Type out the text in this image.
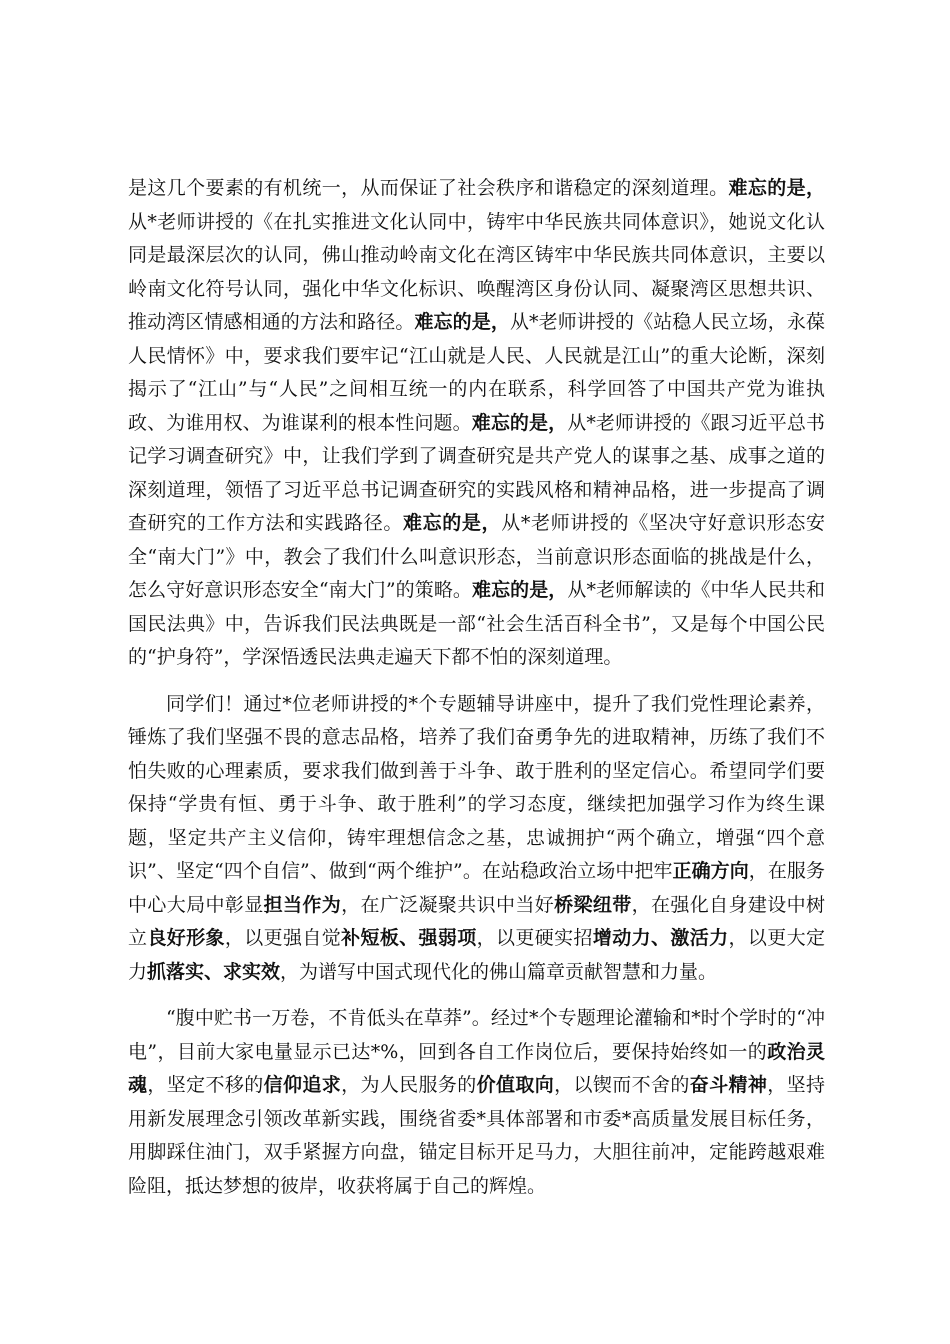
是这几个要素的有机统一，从而保证了社会秩序和谐稳定的深刻道理。难忘的是，从*老师讲授的《在扎实推进文化认同中，铸牢中华民族共同体意识》，她说文化认同是最深层次的认同，佛山推动岭南文化在湾区铸牢中华民族共同体意识，主要以岭南文化符号认同，强化中华文化标识、唤醒湾区身份认同、凝聚湾区思想共识、推动湾区情感相通的方法和路径。难忘的是，从*老师讲授的《站稳人民立场，永葆人民情怀》中，要求我们要牢记“江山就是人民、人民就是江山”的重大论断，深刻揭示了“江山”与“人民”之间相互统一的内在联系，科学回答了中国共产党为谁执政、为谁用权、为谁谋利的根本性问题。难忘的是，从*老师讲授的《跟习近平总书记学习调查研究》中，让我们学到了调查研究是共产党人的谋事之基、成事之道的深刻道理，领悟了习近平总书记调查研究的实践风格和精神品格，进一步提高了调查研究的工作方法和实践路径。难忘的是，从*老师讲授的《坚决守好意识形态安全“南大门”》中，教会了我们什么叫意识形态，当前意识形态面临的挑战是什么，怎么守好意识形态安全“南大门”的策略。难忘的是，从*老师解读的《中华人民共和国民法典》中，告诉我们民法典既是一部“社会生活百科全书”，又是每个中国公民的“护身符”，学深悟透民法典走遍天下都不怕的深刻道理。

同学们！通过*位老师讲授的*个专题辅导讲座中，提升了我们党性理论素养，锤炼了我们坚强不畏的意志品格，培养了我们奋勇争先的进取精神，历练了我们不怕失败的心理素质，要求我们做到善于斗争、敢于胜利的坚定信心。希望同学们要保持“学贵有恒、勇于斗争、敢于胜利”的学习态度，继续把加强学习作为终生课题，坚定共产主义信仰，铸牢理想信念之基，忠诚拥护“两个确立，增强“四个意识”、坚定“四个自信”、做到“两个维护”。在站稳政治立场中把牢正确方向，在服务中心大局中彰显担当作为，在广泛凝聚共识中当好桥梁纽带，在强化自身建设中树立良好形象，以更强自觉补短板、强弱项，以更硬实招增动力、激活力，以更大定力抓落实、求实效，为谱写中国式现代化的佛山篇章贡献智慧和力量。

“腹中贮书一万卷，不肯低头在草莽”。经过*个专题理论灌输和*时个学时的“冲电”，目前大家电量显示已达*%，回到各自工作岗位后，要保持始终如一的政治灵魂，坚定不移的信仰追求，为人民服务的价值取向，以锲而不舍的奋斗精神，坚持用新发展理念引领改革新实践，围绕省委*具体部署和市委*高质量发展目标任务，用脚踩住油门，双手紧握方向盘，锚定目标开足马力，大胆往前冲，定能跨越艰难险阻，抵达梦想的彼岸，收获将属于自己的辉煌。
